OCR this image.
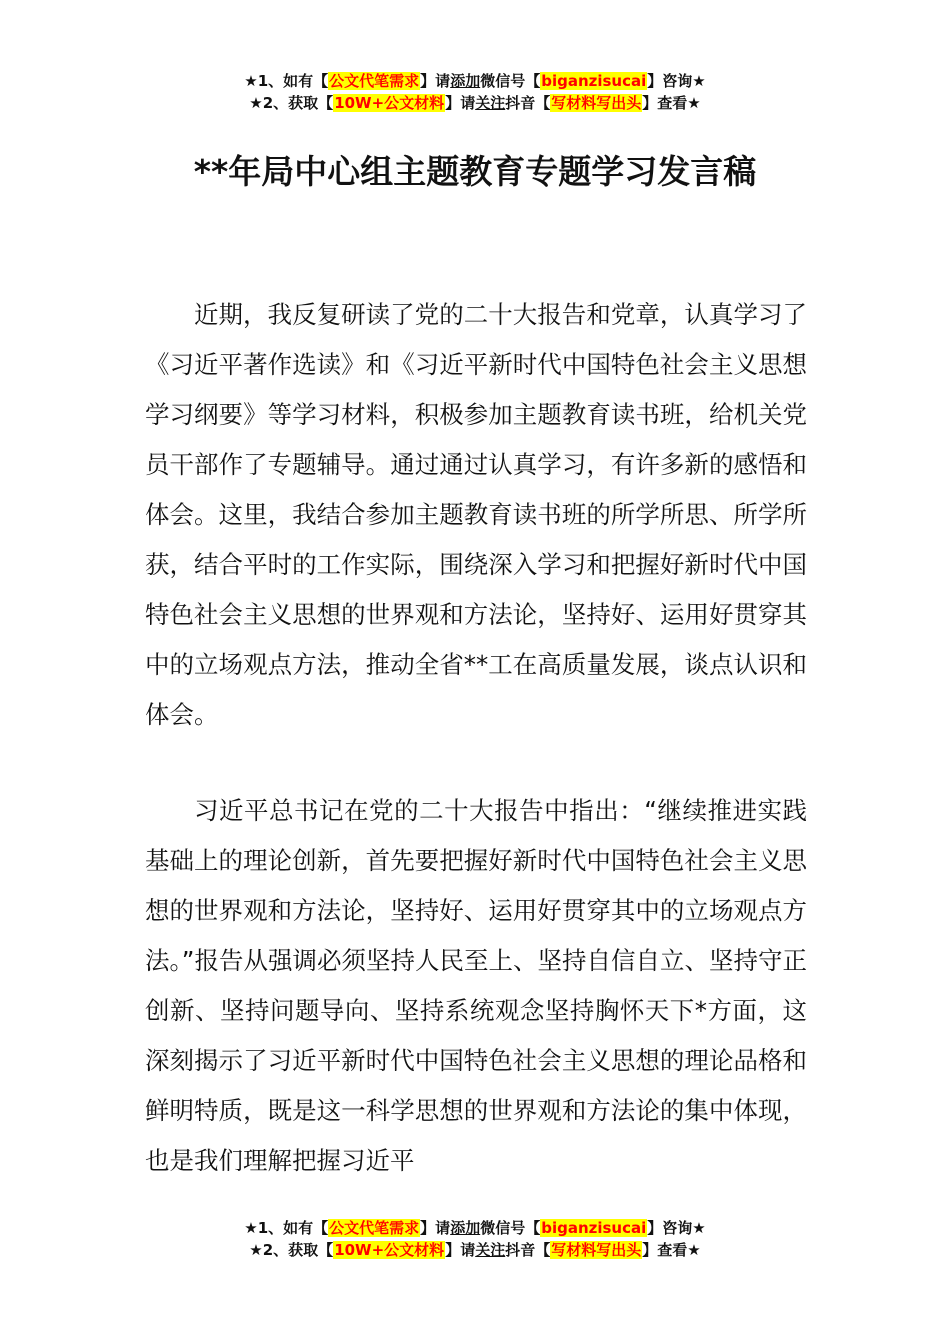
★1、如有【公文代笔需求】请添加微信号【biganzisucai】咨询★
★2、获取【10W+公文材料】请关注抖音【写材料写出头】查看★
**年局中心组主题教育专题学习发言稿

近期，我反复研读了党的二十大报告和党章，认真学习了《习近平著作选读》和《习近平新时代中国特色社会主义思想学习纲要》等学习材料，积极参加主题教育读书班，给机关党员干部作了专题辅导。通过通过认真学习，有许多新的感悟和体会。这里，我结合参加主题教育读书班的所学所思、所学所获，结合平时的工作实际，围绕深入学习和把握好新时代中国特色社会主义思想的世界观和方法论，坚持好、运用好贯穿其中的立场观点方法，推动全省**工在高质量发展，谈点认识和体会。

习近平总书记在党的二十大报告中指出：“继续推进实践基础上的理论创新，首先要把握好新时代中国特色社会主义思想的世界观和方法论，坚持好、运用好贯穿其中的立场观点方法。”报告从强调必须坚持人民至上、坚持自信自立、坚持守正创新、坚持问题导向、坚持系统观念坚持胸怀天下*方面，这深刻揭示了习近平新时代中国特色社会主义思想的理论品格和鲜明特质，既是这一科学思想的世界观和方法论的集中体现，也是我们理解把握习近平

★1、如有【公文代笔需求】请添加微信号【biganzisucai】咨询★
★2、获取【10W+公文材料】请关注抖音【写材料写出头】查看★
